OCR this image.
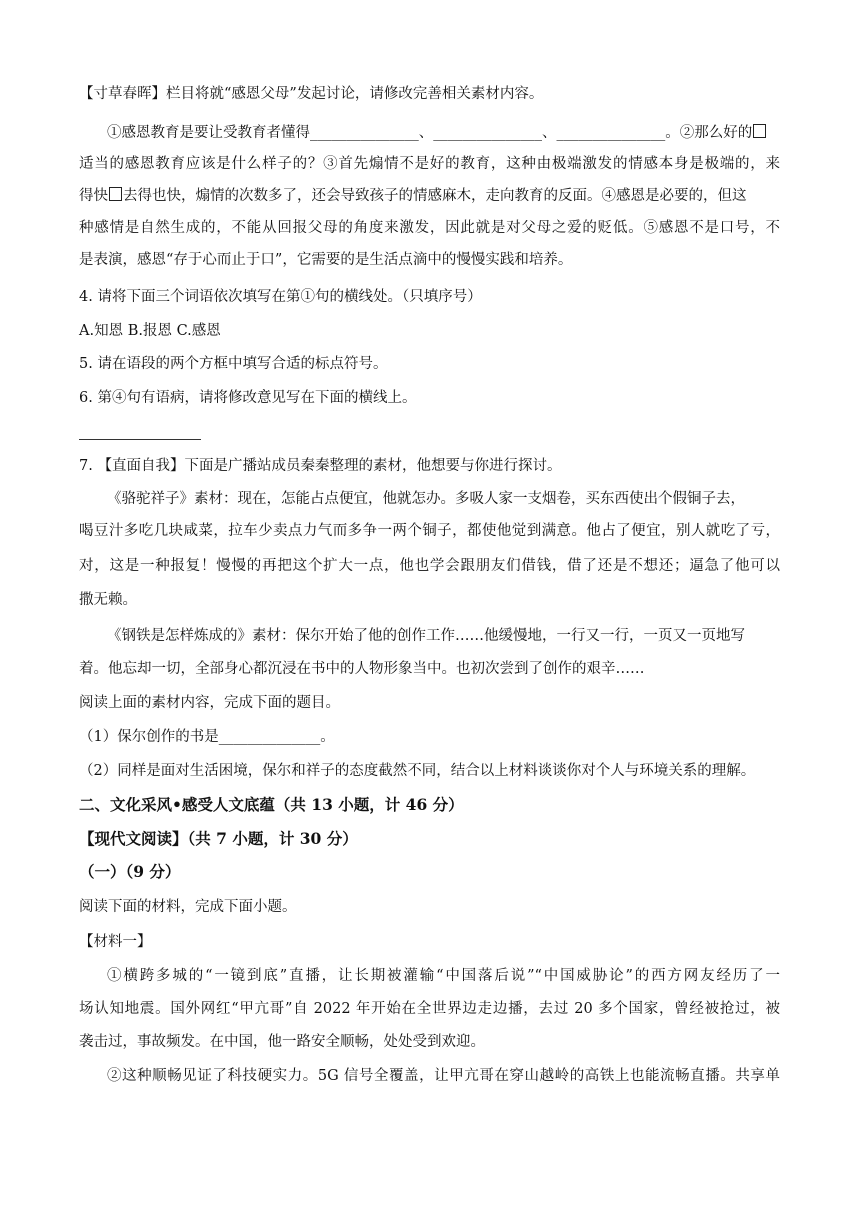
【寸草春晖】栏目将就“感恩父母”发起讨论，请修改完善相关素材内容。
①感恩教育是要让受教育者懂得_______________、_______________、_______________。②那么好的
适当的感恩教育应该是什么样子的？③首先煽情不是好的教育，这种由极端激发的情感本身是极端的，来
得快 去得也快，煽情的次数多了，还会导致孩子的情感麻木，走向教育的反面。④感恩是必要的，但这
种感情是自然生成的，不能从回报父母的角度来激发，因此就是对父母之爱的贬低。⑤感恩不是口号，不
是表演，感恩“存于心而止于口”，它需要的是生活点滴中的慢慢实践和培养。
4. 请将下面三个词语依次填写在第①句的横线处。（只填序号）
A.知恩 B.报恩 C.感恩
5. 请在语段的两个方框中填写合适的标点符号。
6. 第④句有语病，请将修改意见写在下面的横线上。
7. 【直面自我】下面是广播站成员秦秦整理的素材，他想要与你进行探讨。
《骆驼祥子》素材：现在，怎能占点便宜，他就怎办。多吸人家一支烟卷，买东西使出个假铜子去，
喝豆汁多吃几块咸菜，拉车少卖点力气而多争一两个铜子，都使他觉到满意。他占了便宜，别人就吃了亏，
对，这是一种报复！慢慢的再把这个扩大一点，他也学会跟朋友们借钱，借了还是不想还；逼急了他可以
撒无赖。
《钢铁是怎样炼成的》素材：保尔开始了他的创作工作……他缓慢地，一行又一行，一页又一页地写
着。他忘却一切，全部身心都沉浸在书中的人物形象当中。也初次尝到了创作的艰辛……
阅读上面的素材内容，完成下面的题目。
（1）保尔创作的书是______________。
（2）同样是面对生活困境，保尔和祥子的态度截然不同，结合以上材料谈谈你对个人与环境关系的理解。
二、文化采风•感受人文底蕴（共 13 小题，计 46 分）
【现代文阅读】（共 7 小题，计 30 分）
（一）（9 分）
阅读下面的材料，完成下面小题。
【材料一】
①横跨多城的“一镜到底”直播，让长期被灌输“中国落后说”“中国威胁论”的西方网友经历了一
场认知地震。国外网红“甲亢哥”自 2022 年开始在全世界边走边播，去过 20 多个国家，曾经被抢过，被
袭击过，事故频发。在中国，他一路安全顺畅，处处受到欢迎。
②这种顺畅见证了科技硬实力。5G 信号全覆盖，让甲亢哥在穿山越岭的高铁上也能流畅直播。共享单
